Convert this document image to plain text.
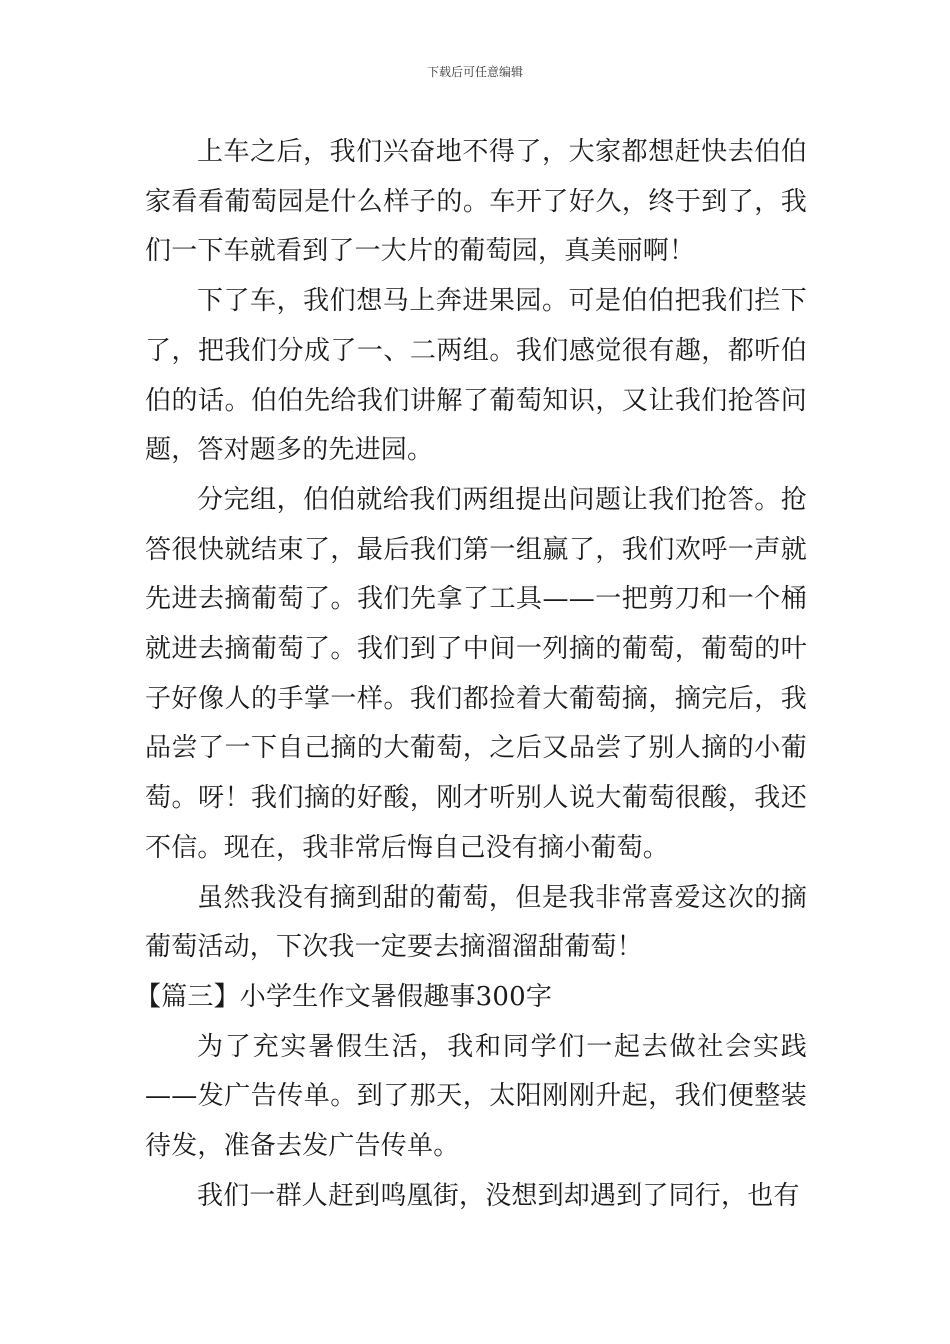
下载后可任意编辑

上车之后，我们兴奋地不得了，大家都想赶快去伯伯家看看葡萄园是什么样子的。车开了好久，终于到了，我们一下车就看到了一大片的葡萄园，真美丽啊！

下了车，我们想马上奔进果园。可是伯伯把我们拦下了，把我们分成了一、二两组。我们感觉很有趣，都听伯伯的话。伯伯先给我们讲解了葡萄知识，又让我们抢答问题，答对题多的先进园。

分完组，伯伯就给我们两组提出问题让我们抢答。抢答很快就结束了，最后我们第一组赢了，我们欢呼一声就先进去摘葡萄了。我们先拿了工具——一把剪刀和一个桶就进去摘葡萄了。我们到了中间一列摘的葡萄，葡萄的叶子好像人的手掌一样。我们都捡着大葡萄摘，摘完后，我品尝了一下自己摘的大葡萄，之后又品尝了别人摘的小葡萄。呀！我们摘的好酸，刚才听别人说大葡萄很酸，我还不信。现在，我非常后悔自己没有摘小葡萄。

虽然我没有摘到甜的葡萄，但是我非常喜爱这次的摘葡萄活动，下次我一定要去摘溜溜甜葡萄！

【篇三】小学生作文暑假趣事300字

为了充实暑假生活，我和同学们一起去做社会实践——发广告传单。到了那天，太阳刚刚升起，我们便整装待发，准备去发广告传单。

我们一群人赶到鸣凰街，没想到却遇到了同行，也有
